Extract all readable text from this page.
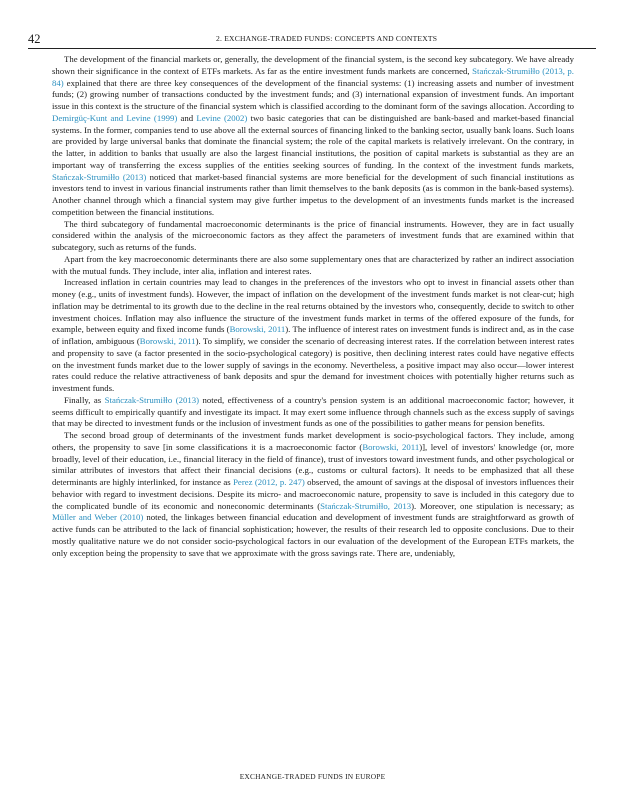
42	2. EXCHANGE-TRADED FUNDS: CONCEPTS AND CONTEXTS

The development of the financial markets or, generally, the development of the financial system, is the second key subcategory. We have already shown their significance in the context of ETFs markets. As far as the entire investment funds markets are concerned, Stańczak-Strumiłło (2013, p. 84) explained that there are three key consequences of the development of the financial systems: (1) increasing assets and number of investment funds; (2) growing number of transactions conducted by the investment funds; and (3) international expansion of investment funds. An important issue in this context is the structure of the financial system which is classified according to the dominant form of the savings allocation. According to Demirgüç-Kunt and Levine (1999) and Levine (2002) two basic categories that can be distinguished are bank-based and market-based financial systems. In the former, companies tend to use above all the external sources of financing linked to the banking sector, usually bank loans. Such loans are provided by large universal banks that dominate the financial system; the role of the capital markets is relatively irrelevant. On the contrary, in the latter, in addition to banks that usually are also the largest financial institutions, the position of capital markets is substantial as they are an important way of transferring the excess supplies of the entities seeking sources of funding. In the context of the investment funds markets, Stańczak-Strumiłło (2013) noticed that market-based financial systems are more beneficial for the development of such financial institutions as investors tend to invest in various financial instruments rather than limit themselves to the bank deposits (as is common in the bank-based systems). Another channel through which a financial system may give further impetus to the development of an investments funds market is the increased competition between the financial institutions.

The third subcategory of fundamental macroeconomic determinants is the price of financial instruments. However, they are in fact usually considered within the analysis of the microeconomic factors as they affect the parameters of investment funds that are examined within that subcategory, such as returns of the funds.

Apart from the key macroeconomic determinants there are also some supplementary ones that are characterized by rather an indirect association with the mutual funds. They include, inter alia, inflation and interest rates.

Increased inflation in certain countries may lead to changes in the preferences of the investors who opt to invest in financial assets other than money (e.g., units of investment funds). However, the impact of inflation on the development of the investment funds market is not clear-cut; high inflation may be detrimental to its growth due to the decline in the real returns obtained by the investors who, consequently, decide to switch to other investment choices. Inflation may also influence the structure of the investment funds market in terms of the offered exposure of the funds, for example, between equity and fixed income funds (Borowski, 2011). The influence of interest rates on investment funds is indirect and, as in the case of inflation, ambiguous (Borowski, 2011). To simplify, we consider the scenario of decreasing interest rates. If the correlation between interest rates and propensity to save (a factor presented in the socio-psychological category) is positive, then declining interest rates could have negative effects on the investment funds market due to the lower supply of savings in the economy. Nevertheless, a positive impact may also occur—lower interest rates could reduce the relative attractiveness of bank deposits and spur the demand for investment choices with potentially higher returns such as investment funds.

Finally, as Stańczak-Strumiłło (2013) noted, effectiveness of a country's pension system is an additional macroeconomic factor; however, it seems difficult to empirically quantify and investigate its impact. It may exert some influence through channels such as the excess supply of savings that may be directed to investment funds or the inclusion of investment funds as one of the possibilities to gather means for pension benefits.

The second broad group of determinants of the investment funds market development is socio-psychological factors. They include, among others, the propensity to save [in some classifications it is a macroeconomic factor (Borowski, 2011)], level of investors' knowledge (or, more broadly, level of their education, i.e., financial literacy in the field of finance), trust of investors toward investment funds, and other psychological or similar attributes of investors that affect their financial decisions (e.g., customs or cultural factors). It needs to be emphasized that all these determinants are highly interlinked, for instance as Perez (2012, p. 247) observed, the amount of savings at the disposal of investors influences their behavior with regard to investment decisions. Despite its micro- and macroeconomic nature, propensity to save is included in this category due to the complicated bundle of its economic and noneconomic determinants (Stańczak-Strumiłło, 2013). Moreover, one stipulation is necessary; as Müller and Weber (2010) noted, the linkages between financial education and development of investment funds are straightforward as growth of active funds can be attributed to the lack of financial sophistication; however, the results of their research led to opposite conclusions. Due to their mostly qualitative nature we do not consider socio-psychological factors in our evaluation of the development of the European ETFs markets, the only exception being the propensity to save that we approximate with the gross savings rate. There are, undeniably,

EXCHANGE-TRADED FUNDS IN EUROPE
